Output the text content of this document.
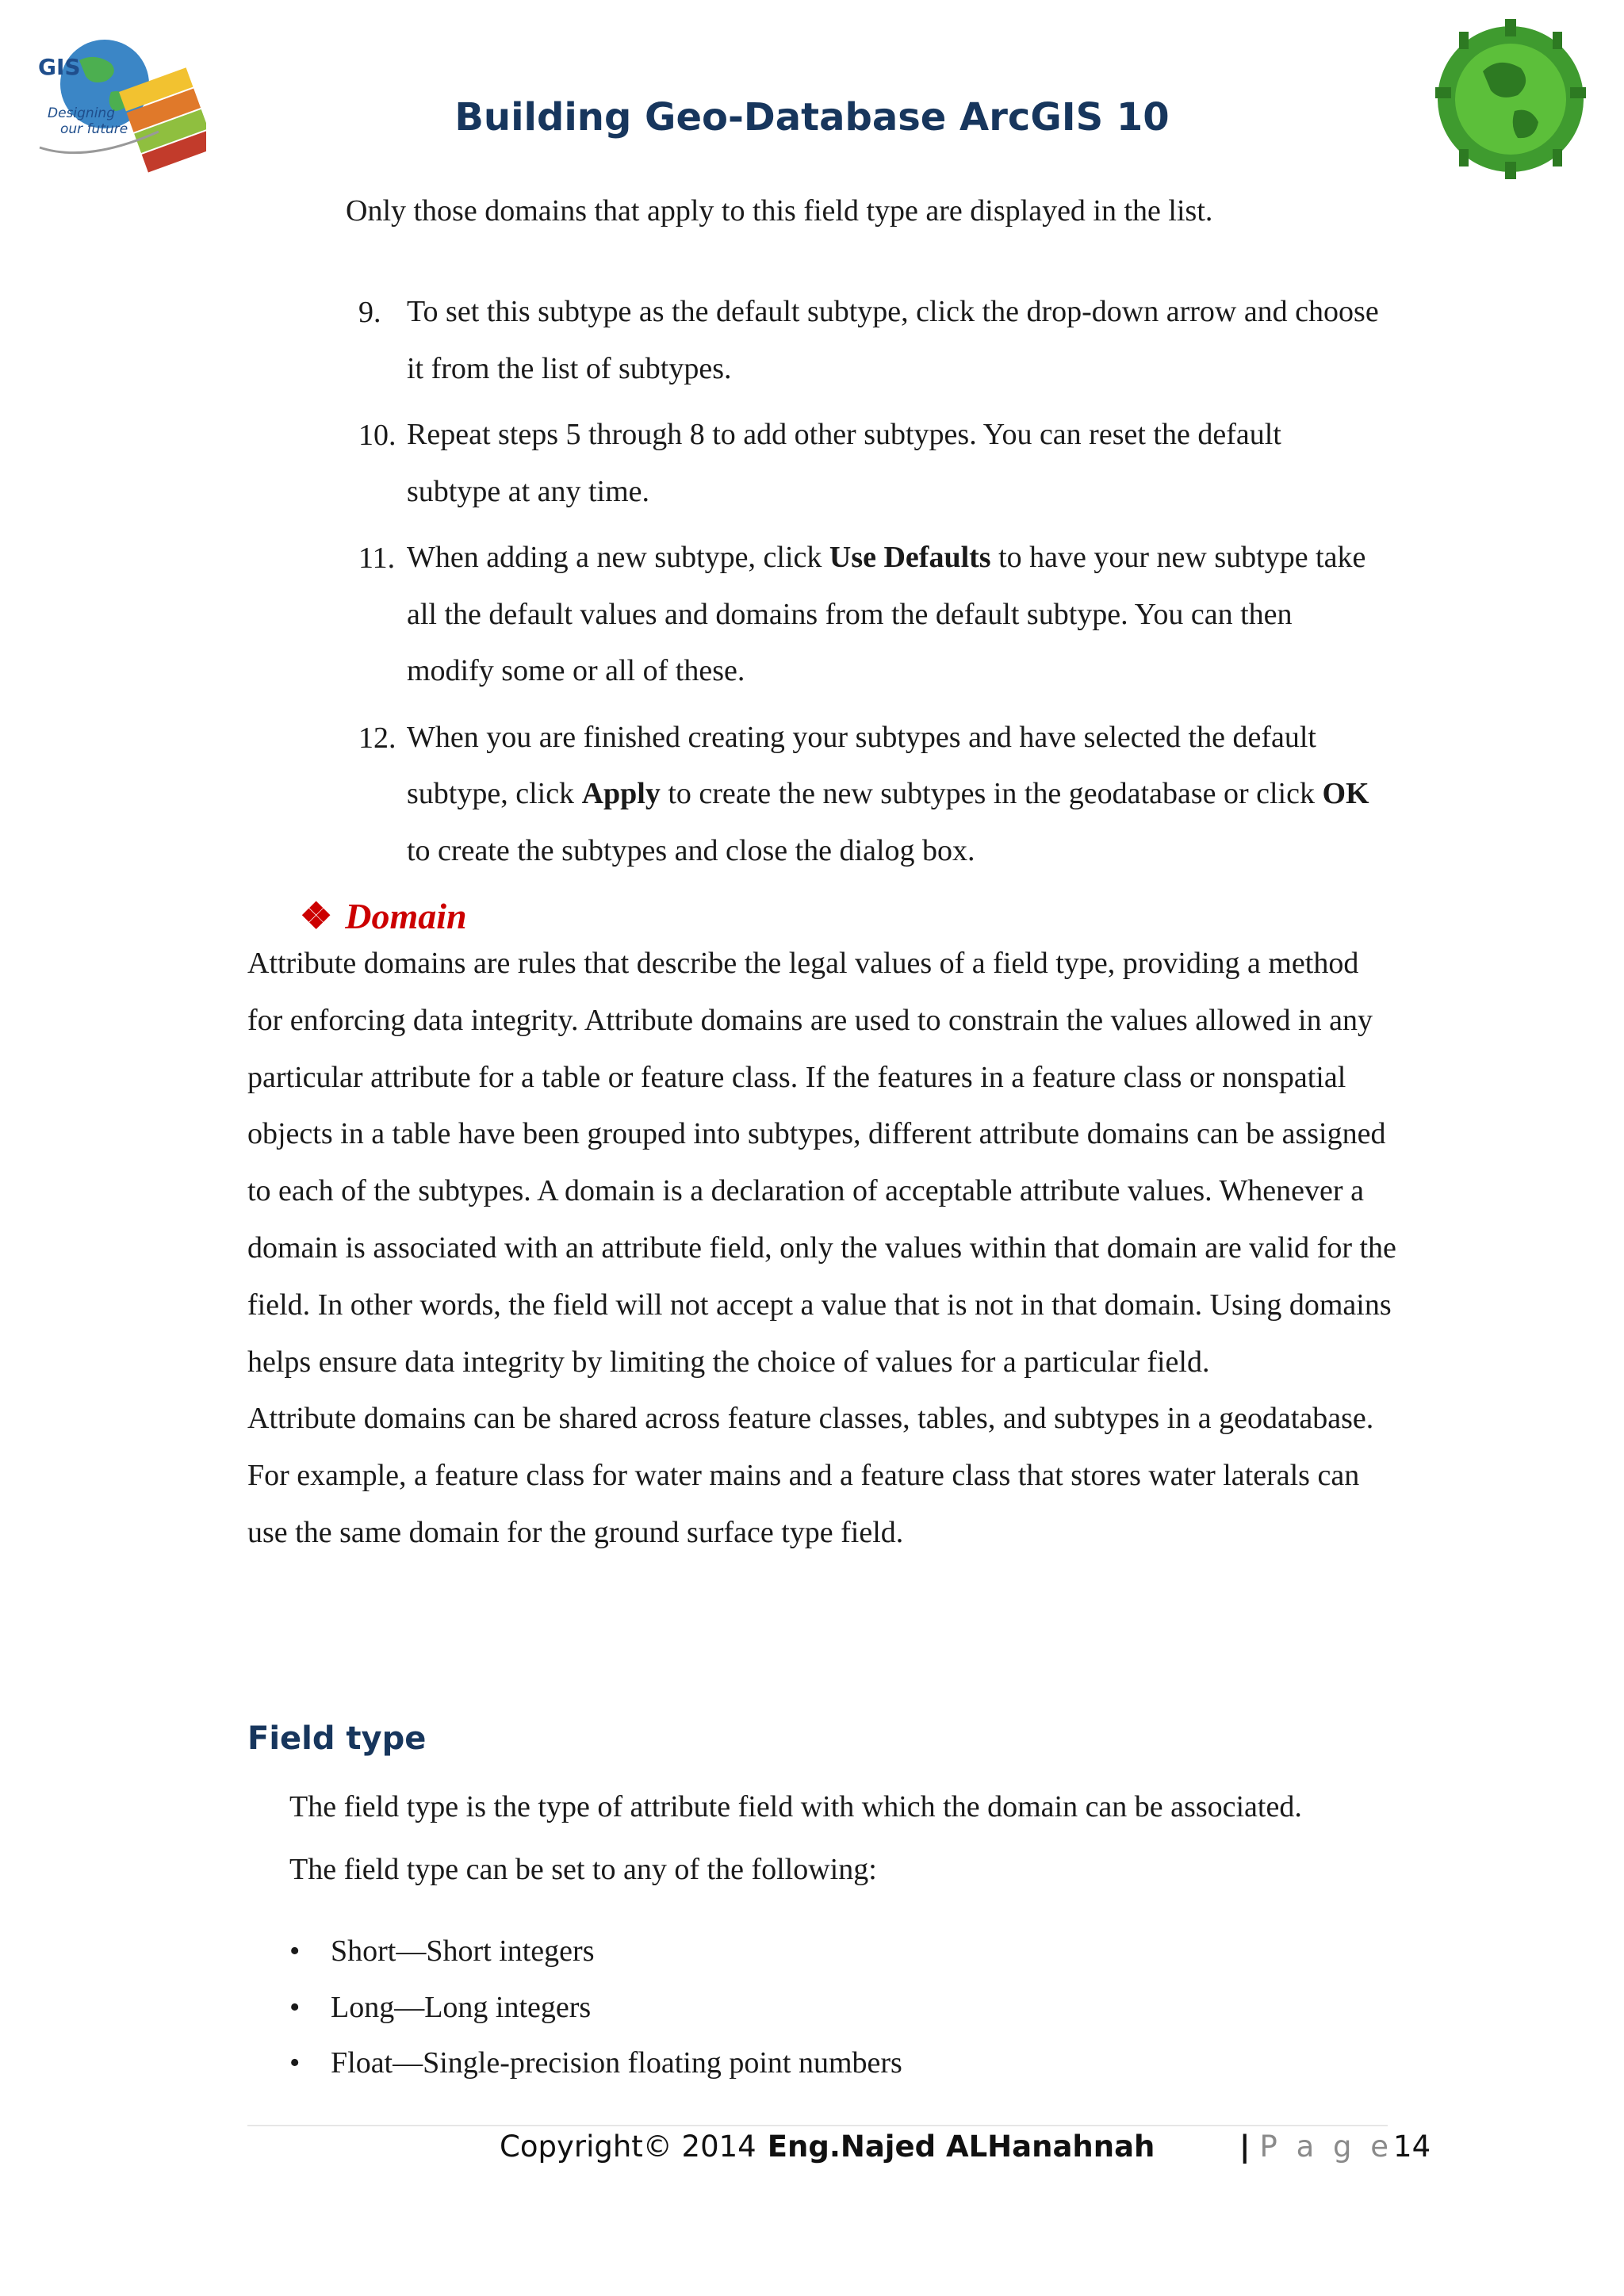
GIS
Designing
our future	Building Geo-Database ArcGIS 10
Only those domains that apply to this field type are displayed in the list.
9. To set this subtype as the default subtype, click the drop-down arrow and choose it from the list of subtypes.
10. Repeat steps 5 through 8 to add other subtypes. You can reset the default subtype at any time.
11. When adding a new subtype, click Use Defaults to have your new subtype take all the default values and domains from the default subtype. You can then modify some or all of these.
12. When you are finished creating your subtypes and have selected the default subtype, click Apply to create the new subtypes in the geodatabase or click OK to create the subtypes and close the dialog box.
❖ Domain

Attribute domains are rules that describe the legal values of a field type, providing a method for enforcing data integrity. Attribute domains are used to constrain the values allowed in any particular attribute for a table or feature class. If the features in a feature class or nonspatial objects in a table have been grouped into subtypes, different attribute domains can be assigned to each of the subtypes. A domain is a declaration of acceptable attribute values. Whenever a domain is associated with an attribute field, only the values within that domain are valid for the field. In other words, the field will not accept a value that is not in that domain. Using domains helps ensure data integrity by limiting the choice of values for a particular field.

Attribute domains can be shared across feature classes, tables, and subtypes in a geodatabase.

For example, a feature class for water mains and a feature class that stores water laterals can use the same domain for the ground surface type field.

Field type

The field type is the type of attribute field with which the domain can be associated.

The field type can be set to any of the following:

• Short—Short integers
• Long—Long integers
• Float—Single-precision floating point numbers
Copyright© 2014 Eng.Najed ALHanahnah	| P a g e14
